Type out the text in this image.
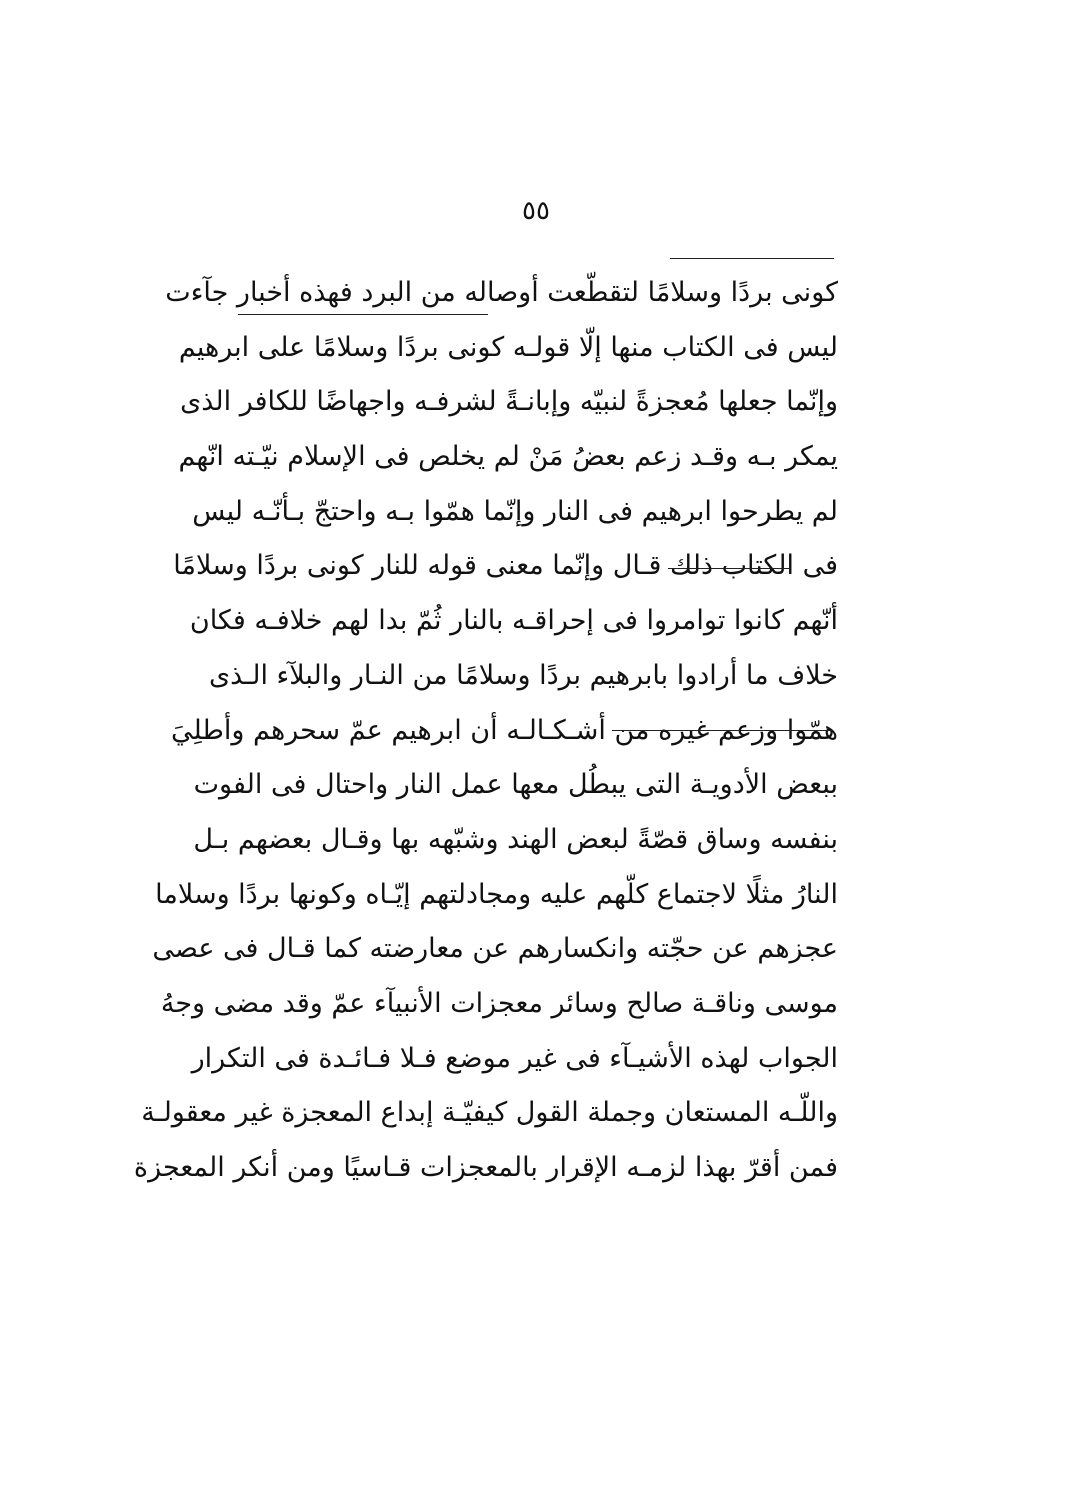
٥٥
كونى بردًا وسلامًا لتقطّعت أوصاله من البرد فهذه أخبار جآءت
ليس فى الكتاب منها إلّا قولـه كونى بردًا وسلامًا على ابرهيم
وإنّما جعلها مُعجزةً لنبيّه وإبانـةً لشرفـه واجهاضًا للكافر الذى
يمكر بـه وقـد زعم بعضُ مَنْ لم يخلص فى الإسلام نيّـته انّهم
لم يطرحوا ابرهيم فى النار وإنّما همّوا بـه واحتجّ بـأنّـه ليس
فى الكتاب ذلك قـال وإنّما معنى قوله للنار كونى بردًا وسلامًا
أنّهم كانوا توامروا فى إحراقـه بالنار ثُمّ بدا لهم خلافـه فكان
خلاف ما أرادوا بابرهيم بردًا وسلامًا من النـار والبلآء الـذى
همّوا وزعم غيره من أشـكـالـه أن ابرهيم عمّ سحرهم وأطلِيَ
ببعض الأدويـة التى يبطُل معها عمل النار واحتال فى الفوت
بنفسه وساق قصّةً لبعض الهند وشبّهه بها وقـال بعضهم بـل
النارُ مثلًا لاجتماع كلّهم عليه ومجادلتهم إيّـاه وكونها بردًا وسلاما
عجزهم عن حجّته وانكسارهم عن معارضته كما قـال فى عصى
موسى وناقـة صالح وسائر معجزات الأنبيآء عمّ وقد مضى وجهُ
الجواب لهذه الأشيـآء فى غير موضع فـلا فـائـدة فى التكرار
واللّـه المستعان وجملة القول كيفيّـة إبداع المعجزة غير معقولـة
فمن أقرّ بهذا لزمـه الإقرار بالمعجزات قـاسيًا ومن أنكر المعجزة
